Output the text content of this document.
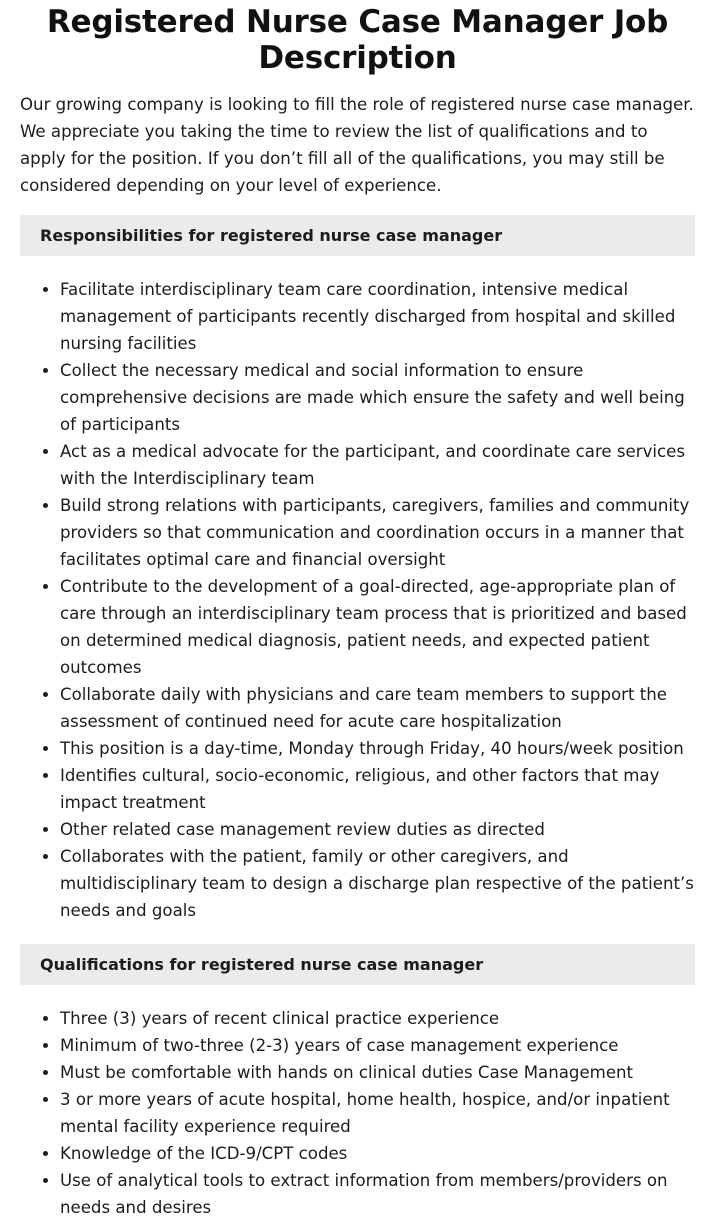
Registered Nurse Case Manager Job Description

Our growing company is looking to fill the role of registered nurse case manager. We appreciate you taking the time to review the list of qualifications and to apply for the position. If you don’t fill all of the qualifications, you may still be considered depending on your level of experience.

Responsibilities for registered nurse case manager
• Facilitate interdisciplinary team care coordination, intensive medical management of participants recently discharged from hospital and skilled nursing facilities
• Collect the necessary medical and social information to ensure comprehensive decisions are made which ensure the safety and well being of participants
• Act as a medical advocate for the participant, and coordinate care services with the Interdisciplinary team
• Build strong relations with participants, caregivers, families and community providers so that communication and coordination occurs in a manner that facilitates optimal care and financial oversight
• Contribute to the development of a goal-directed, age-appropriate plan of care through an interdisciplinary team process that is prioritized and based on determined medical diagnosis, patient needs, and expected patient outcomes
• Collaborate daily with physicians and care team members to support the assessment of continued need for acute care hospitalization
• This position is a day-time, Monday through Friday, 40 hours/week position
• Identifies cultural, socio-economic, religious, and other factors that may impact treatment
• Other related case management review duties as directed
• Collaborates with the patient, family or other caregivers, and multidisciplinary team to design a discharge plan respective of the patient’s needs and goals
Qualifications for registered nurse case manager
• Three (3) years of recent clinical practice experience
• Minimum of two-three (2-3) years of case management experience
• Must be comfortable with hands on clinical duties Case Management
• 3 or more years of acute hospital, home health, hospice, and/or inpatient mental facility experience required
• Knowledge of the ICD-9/CPT codes
• Use of analytical tools to extract information from members/providers on needs and desires
